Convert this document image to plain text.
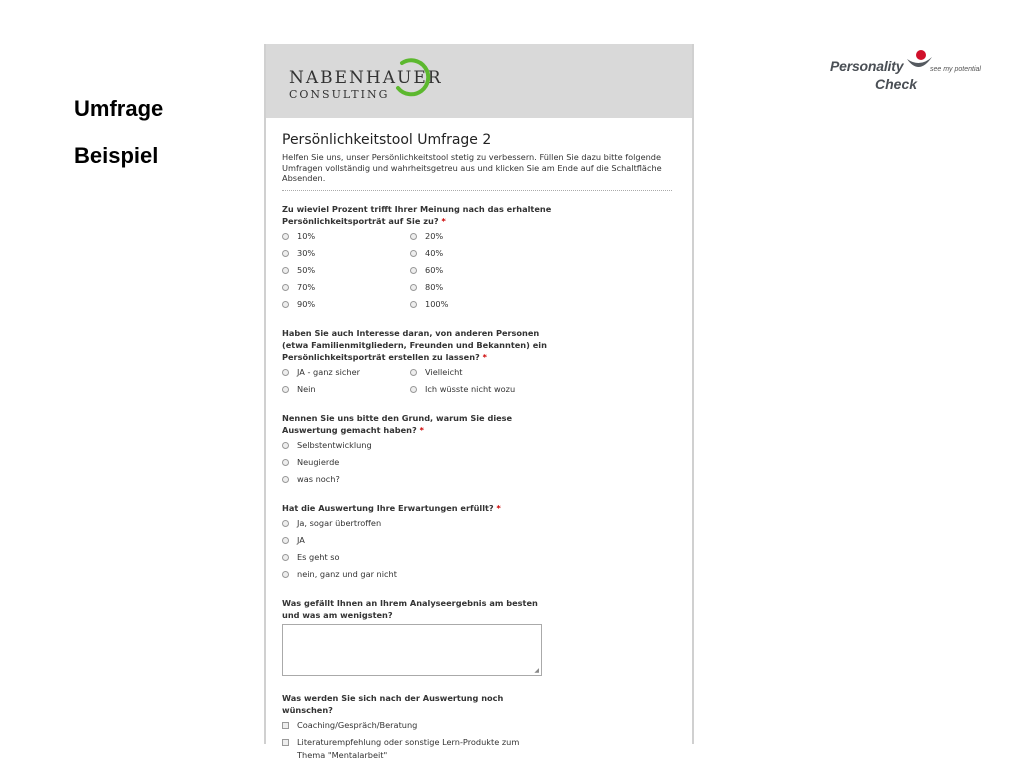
Umfrage
Beispiel
Personality	see my potential
Check
NABENHAUER
CONSULTING
Persönlichkeitstool Umfrage 2
Helfen Sie uns, unser Persönlichkeitstool stetig zu verbessern. Füllen Sie dazu bitte folgende Umfragen vollständig und wahrheitsgetreu aus und klicken Sie am Ende auf die Schaltfläche Absenden.
Zu wieviel Prozent trifft Ihrer Meinung nach das erhaltene Persönlichkeitsporträt auf Sie zu? *
10%	20%
30%	40%
50%	60%
70%	80%
90%	100%
Haben Sie auch Interesse daran, von anderen Personen (etwa Familienmitgliedern, Freunden und Bekannten) ein Persönlichkeitsporträt erstellen zu lassen? *
JA - ganz sicher	Vielleicht
Nein	Ich wüsste nicht wozu
Nennen Sie uns bitte den Grund, warum Sie diese Auswertung gemacht haben? *
Selbstentwicklung
Neugierde
was noch?
Hat die Auswertung Ihre Erwartungen erfüllt? *
Ja, sogar übertroffen
JA
Es geht so
nein, ganz und gar nicht
Was gefällt Ihnen an Ihrem Analyseergebnis am besten und was am wenigsten?
◢
Was werden Sie sich nach der Auswertung noch wünschen?
Coaching/Gespräch/Beratung
Literaturempfehlung oder sonstige Lern-Produkte zum Thema "Mentalarbeit"
